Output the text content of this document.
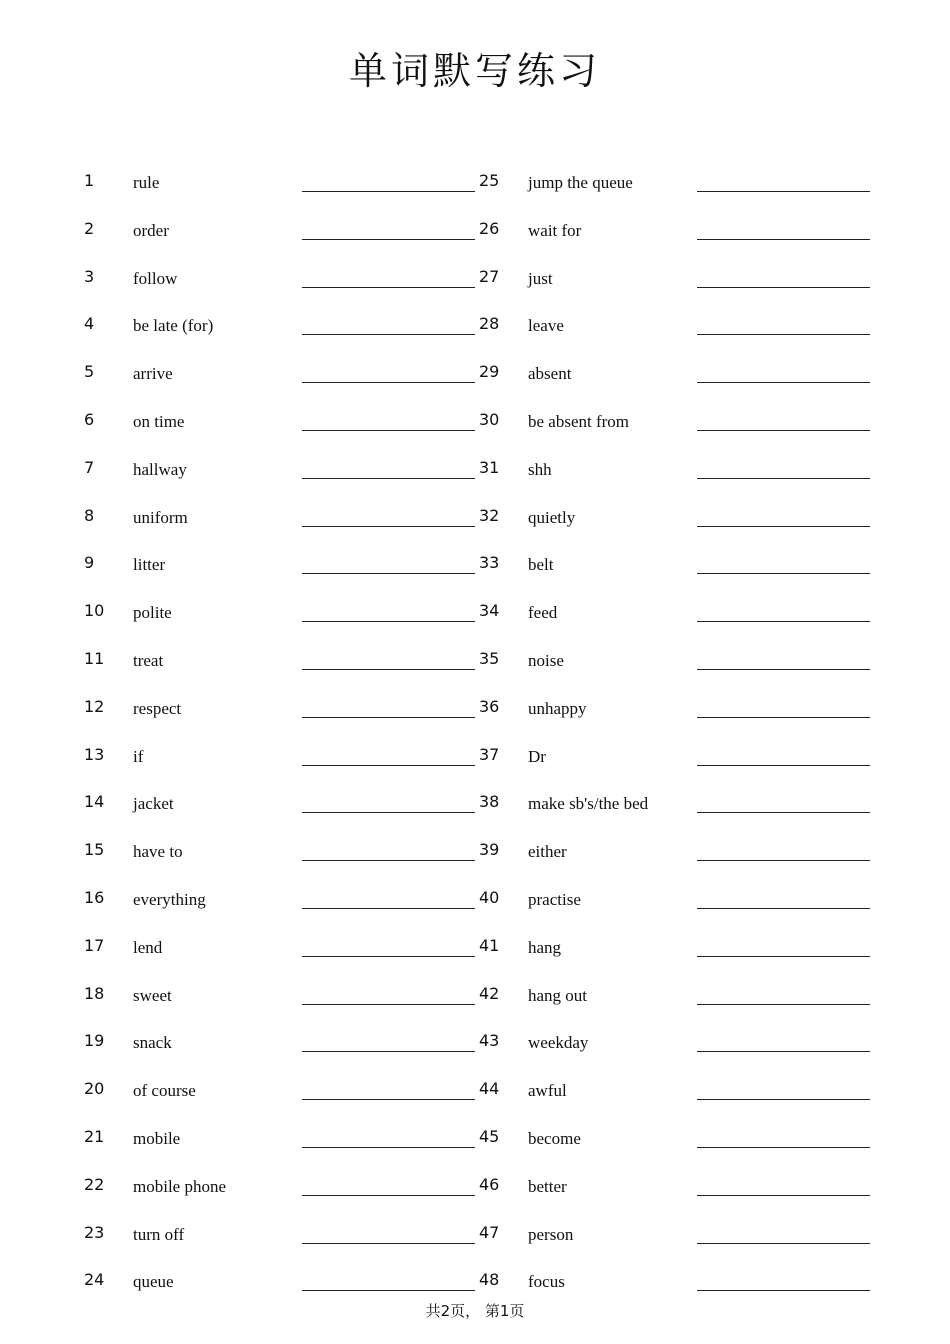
单词默写练习
1 rule
2 order
3 follow
4 be late (for)
5 arrive
6 on time
7 hallway
8 uniform
9 litter
10 polite
11 treat
12 respect
13 if
14 jacket
15 have to
16 everything
17 lend
18 sweet
19 snack
20 of course
21 mobile
22 mobile phone
23 turn off
24 queue
25 jump the queue
26 wait for
27 just
28 leave
29 absent
30 be absent from
31 shh
32 quietly
33 belt
34 feed
35 noise
36 unhappy
37 Dr
38 make sb's/the bed
39 either
40 practise
41 hang
42 hang out
43 weekday
44 awful
45 become
46 better
47 person
48 focus
共2页， 第1页
